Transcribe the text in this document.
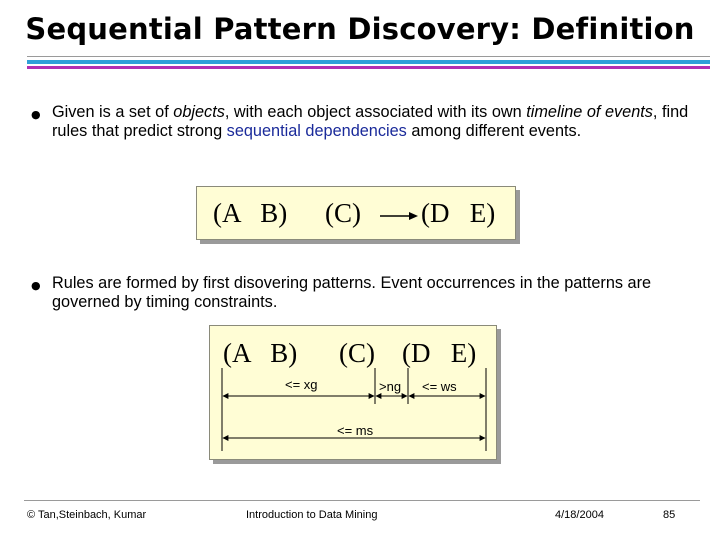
Sequential Pattern Discovery: Definition
● Given is a set of objects, with each object associated with its own timeline of events, find rules that predict strong sequential dependencies among different events.
(A   B) (C) (D   E)
● Rules are formed by first disovering patterns. Event occurrences in the patterns are governed by timing constraints.
(A   B) (C) (D   E)
<= xg	>ng <= ws
<= ms
© Tan,Steinbach, Kumar	Introduction to Data Mining	4/18/2004	85
